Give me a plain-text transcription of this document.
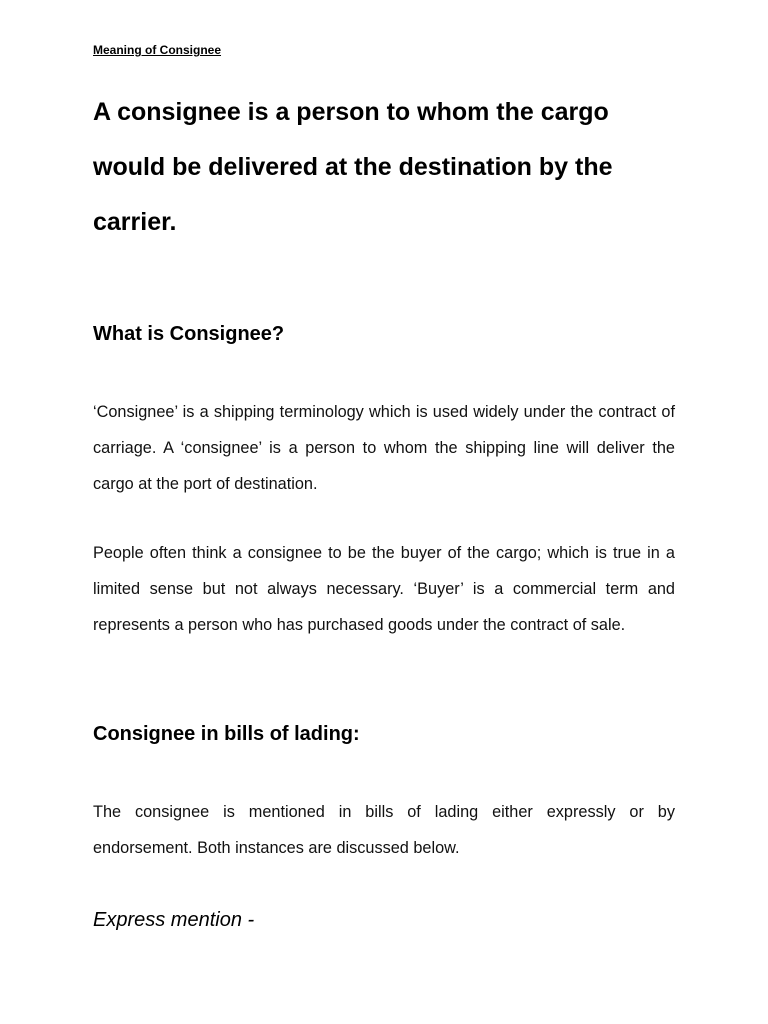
Meaning of Consignee
A consignee is a person to whom the cargo would be delivered at the destination by the carrier.
What is Consignee?

‘Consignee’ is a shipping terminology which is used widely under the contract of carriage. A ‘consignee’ is a person to whom the shipping line will deliver the cargo at the port of destination.

People often think a consignee to be the buyer of the cargo; which is true in a limited sense but not always necessary. ‘Buyer’ is a commercial term and represents a person who has purchased goods under the contract of sale.

Consignee in bills of lading:

The consignee is mentioned in bills of lading either expressly or by endorsement. Both instances are discussed below.

Express mention -
